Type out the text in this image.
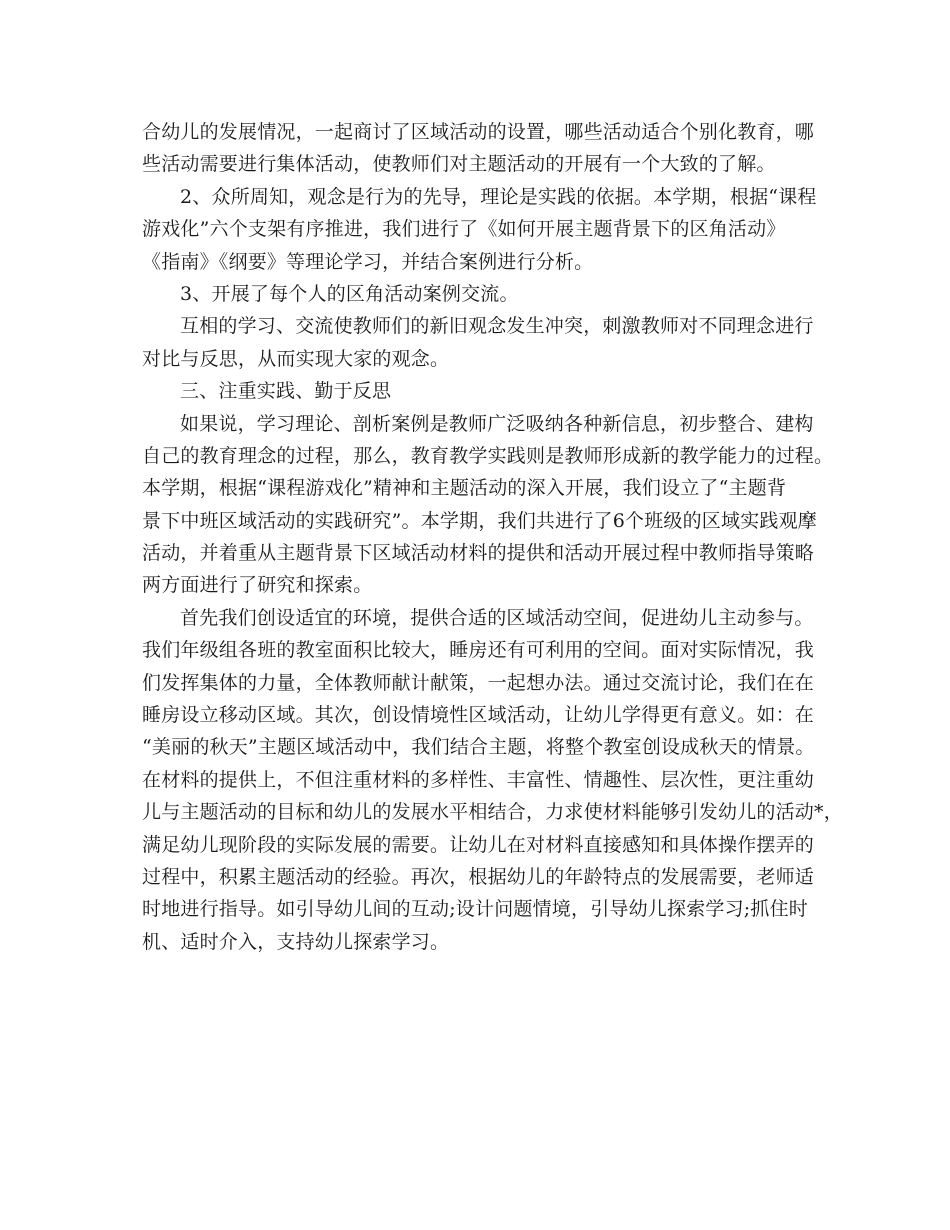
合幼儿的发展情况，一起商讨了区域活动的设置，哪些活动适合个别化教育，哪
些活动需要进行集体活动，使教师们对主题活动的开展有一个大致的了解。
2、众所周知，观念是行为的先导，理论是实践的依据。本学期，根据“课程
游戏化”六个支架有序推进，我们进行了《如何开展主题背景下的区角活动》
《指南》《纲要》等理论学习，并结合案例进行分析。
3、开展了每个人的区角活动案例交流。
互相的学习、交流使教师们的新旧观念发生冲突，刺激教师对不同理念进行
对比与反思，从而实现大家的观念。
三、注重实践、勤于反思
如果说，学习理论、剖析案例是教师广泛吸纳各种新信息，初步整合、建构
自己的教育理念的过程，那么，教育教学实践则是教师形成新的教学能力的过程。
本学期，根据“课程游戏化”精神和主题活动的深入开展，我们设立了“主题背
景下中班区域活动的实践研究”。本学期，我们共进行了6个班级的区域实践观摩
活动，并着重从主题背景下区域活动材料的提供和活动开展过程中教师指导策略
两方面进行了研究和探索。
首先我们创设适宜的环境，提供合适的区域活动空间，促进幼儿主动参与。
我们年级组各班的教室面积比较大，睡房还有可利用的空间。面对实际情况，我
们发挥集体的力量，全体教师献计献策，一起想办法。通过交流讨论，我们在在
睡房设立移动区域。其次，创设情境性区域活动，让幼儿学得更有意义。如：在
“美丽的秋天”主题区域活动中，我们结合主题，将整个教室创设成秋天的情景。
在材料的提供上，不但注重材料的多样性、丰富性、情趣性、层次性，更注重幼
儿与主题活动的目标和幼儿的发展水平相结合，力求使材料能够引发幼儿的活动*，
满足幼儿现阶段的实际发展的需要。让幼儿在对材料直接感知和具体操作摆弄的
过程中，积累主题活动的经验。再次，根据幼儿的年龄特点的发展需要，老师适
时地进行指导。如引导幼儿间的互动;设计问题情境，引导幼儿探索学习;抓住时
机、适时介入，支持幼儿探索学习。
